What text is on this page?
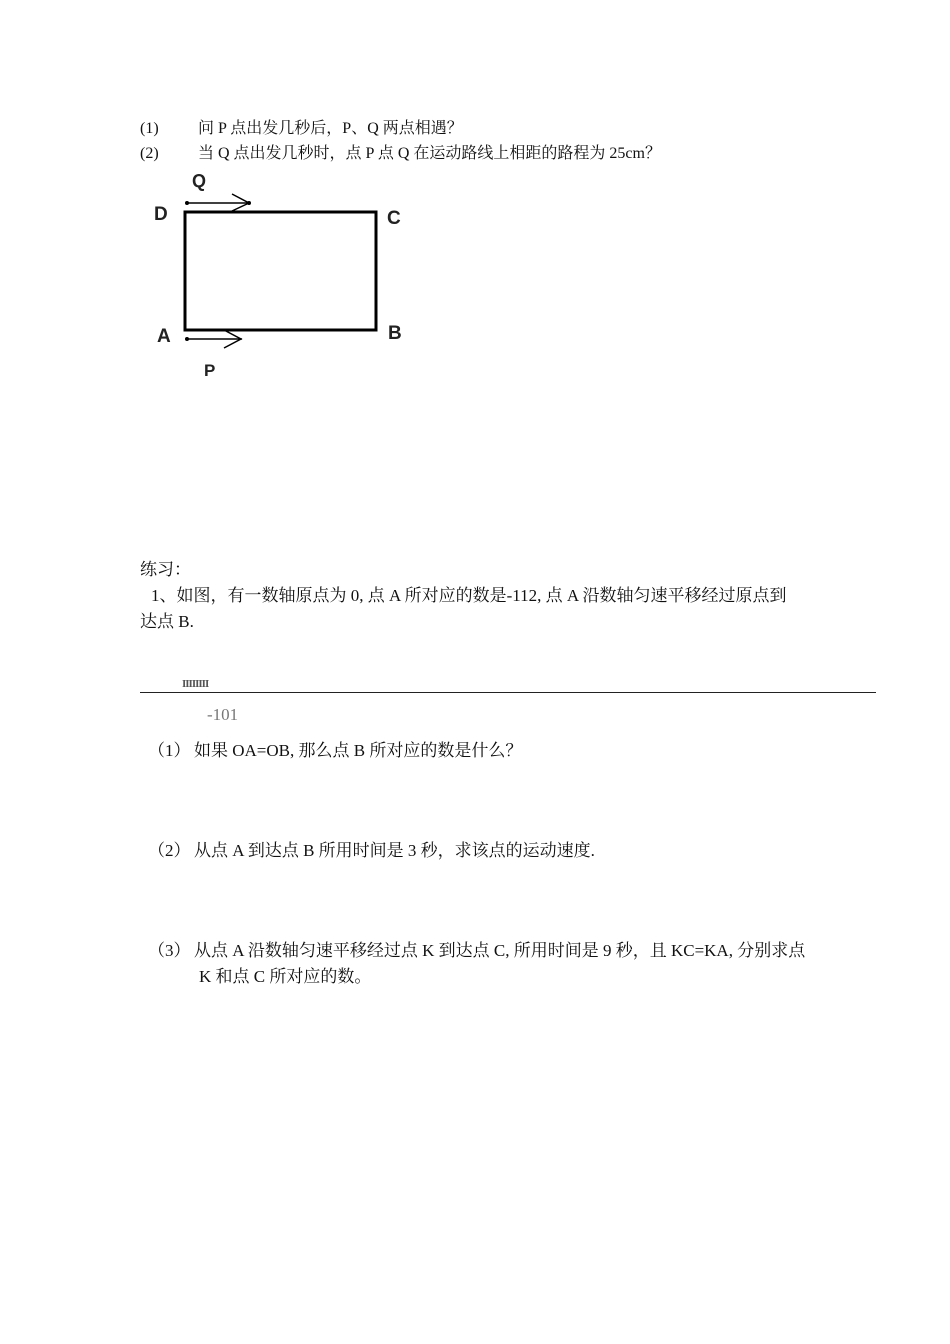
(1) 问 P 点出发几秒后，P、Q 两点相遇？
(2) 当 Q 点出发几秒时，点 P 点 Q 在运动路线上相距的路程为 25cm？
Q
D	C
A	B
P
练习：
1、如图，有一数轴原点为 0, 点 A 所对应的数是-112, 点 A 沿数轴匀速平移经过原点到
达点 B.
IIIIIIII
-101
（1） 如果 OA=OB, 那么点 B 所对应的数是什么？
（2） 从点 A 到达点 B 所用时间是 3 秒，求该点的运动速度.
（3） 从点 A 沿数轴匀速平移经过点 K 到达点 C, 所用时间是 9 秒，且 KC=KA, 分别求点
K 和点 C 所对应的数。
